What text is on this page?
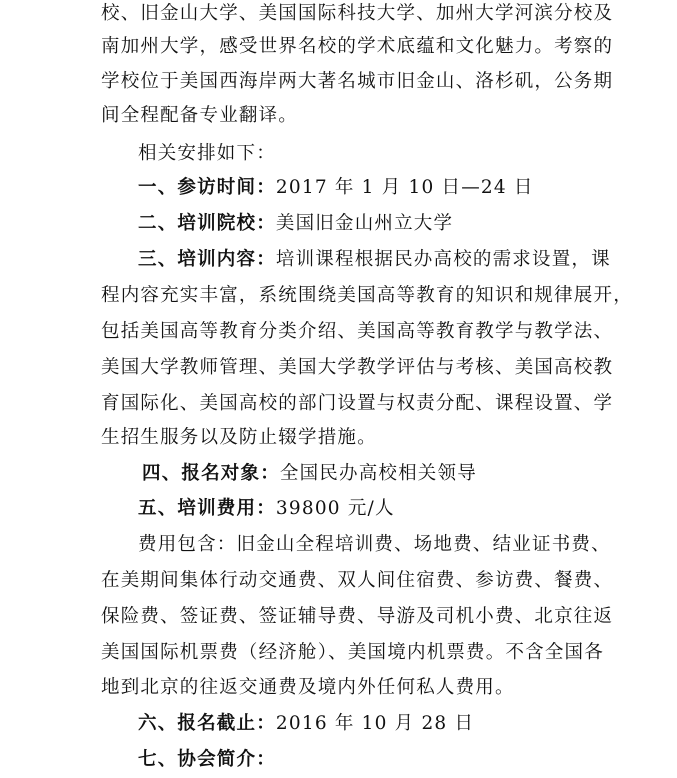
校、旧金山大学、美国国际科技大学、加州大学河滨分校及
南加州大学，感受世界名校的学术底蕴和文化魅力。考察的
学校位于美国西海岸两大著名城市旧金山、洛杉矶，公务期
间全程配备专业翻译。
相关安排如下：
一、参访时间：2017 年 1 月 10 日—24 日
二、培训院校：美国旧金山州立大学
三、培训内容：培训课程根据民办高校的需求设置，课
程内容充实丰富，系统围绕美国高等教育的知识和规律展开，
包括美国高等教育分类介绍、美国高等教育教学与教学法、
美国大学教师管理、美国大学教学评估与考核、美国高校教
育国际化、美国高校的部门设置与权责分配、课程设置、学
生招生服务以及防止辍学措施。
四、报名对象：全国民办高校相关领导
五、培训费用：39800 元/人
费用包含：旧金山全程培训费、场地费、结业证书费、
在美期间集体行动交通费、双人间住宿费、参访费、餐费、
保险费、签证费、签证辅导费、导游及司机小费、北京往返
美国国际机票费（经济舱）、美国境内机票费。不含全国各
地到北京的往返交通费及境内外任何私人费用。
六、报名截止：2016 年 10 月 28 日
七、协会简介：
